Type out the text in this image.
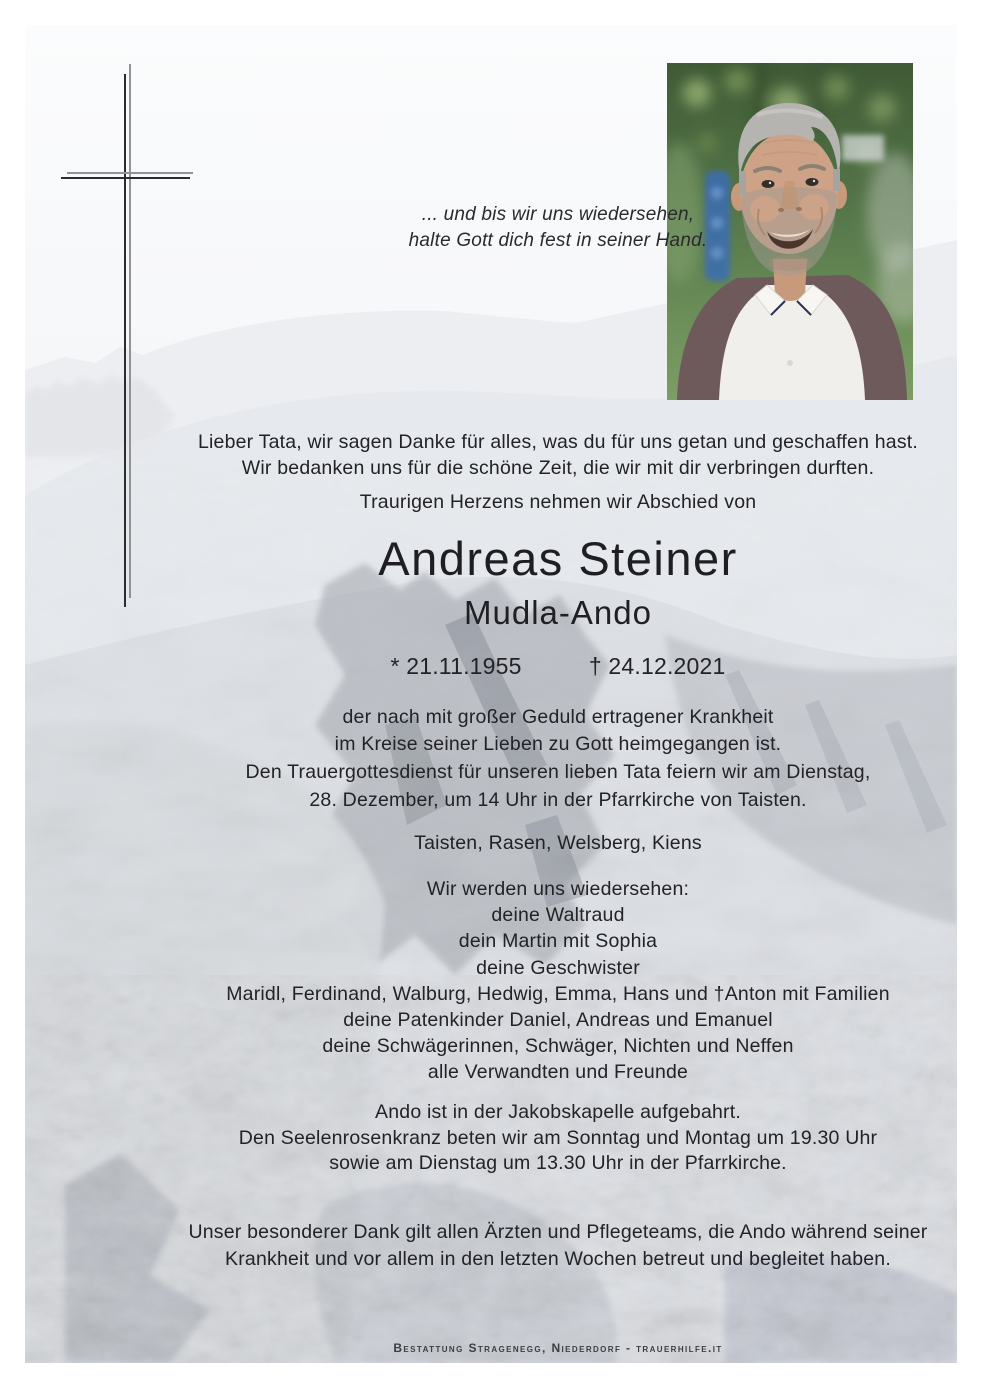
... und bis wir uns wiedersehen,
halte Gott dich fest in seiner Hand.
Lieber Tata, wir sagen Danke für alles, was du für uns getan und geschaffen hast.
Wir bedanken uns für die schöne Zeit, die wir mit dir verbringen durften.
Traurigen Herzens nehmen wir Abschied von
Andreas Steiner
Mudla-Ando
* 21.11.1955	† 24.12.2021
der nach mit großer Geduld ertragener Krankheit
im Kreise seiner Lieben zu Gott heimgegangen ist.
Den Trauergottesdienst für unseren lieben Tata feiern wir am Dienstag,
28. Dezember, um 14 Uhr in der Pfarrkirche von Taisten.
Taisten, Rasen, Welsberg, Kiens
Wir werden uns wiedersehen:
deine Waltraud
dein Martin mit Sophia
deine Geschwister
Maridl, Ferdinand, Walburg, Hedwig, Emma, Hans und †Anton mit Familien
deine Patenkinder Daniel, Andreas und Emanuel
deine Schwägerinnen, Schwäger, Nichten und Neffen
alle Verwandten und Freunde
Ando ist in der Jakobskapelle aufgebahrt.
Den Seelenrosenkranz beten wir am Sonntag und Montag um 19.30 Uhr
sowie am Dienstag um 13.30 Uhr in der Pfarrkirche.
Unser besonderer Dank gilt allen Ärzten und Pflegeteams, die Ando während seiner
Krankheit und vor allem in den letzten Wochen betreut und begleitet haben.
Bestattung Stragenegg, Niederdorf - trauerhilfe.it
